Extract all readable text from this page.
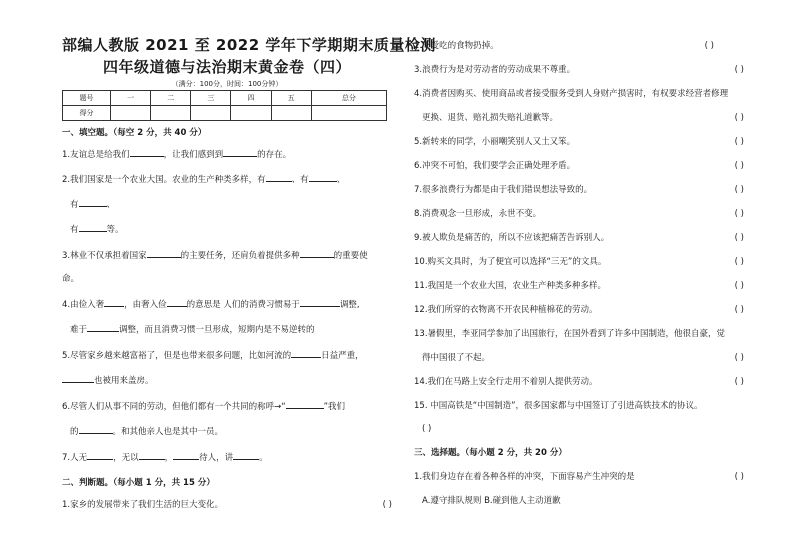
部编人教版 2021 至 2022 学年下学期期末质量检测
四年级道德与法治期末黄金卷（四）
（满分：100分，时间：100分钟）
题号	一	二	三	四	五	总分
得分						
一、填空题。（每空 2 分，共 40 分）
1.友谊总是给我们	，让我们感到到	的存在。
2.我们国家是一个农业大国。农业的生产种类多样，有	、有	、
有	、
有	等。
3.林业不仅承担着国家	的主要任务，还肩负着提供多种	的重要使
命。
4.由俭入奢 ，由奢入俭 的意思是 人们的消费习惯易于	调整,
难于	调整，而且消费习惯一旦形成，短期内是不易逆转的
5.尽管家乡越来越富裕了，但是也带来很多问题，比如河流的	日益严重，
也被用来盖房。
6.尽管人们从事不同的劳动，但他们都有一个共同的称呼→“	”我们
的	。和其他亲人也是其中一员。
7.人无	，无以	，	待人，讲	。
二、判断题。（每小题 1 分，共 15 分）
1.家乡的发展带来了我们生活的巨大变化。	( )
2.不爱吃的食物扔掉。	( )
3.浪费行为是对劳动者的劳动成果不尊重。	( )
4.消费者因购买、使用商品或者接受服务受到人身财产损害时，有权要求经营者修理
更换、退货、赔礼损失赔礼道歉等。	( )
5.新转来的同学，小丽嘲笑别人又土又笨。	( )
6.冲突不可怕，我们要学会正确处理矛盾。	( )
7.很多浪费行为都是由于我们错误想法导致的。	( )
8.消费观念一旦形成，永世不变。	( )
9.被人欺负是痛苦的，所以不应该把痛苦告诉别人。	( )
10.购买文具时，为了便宜可以选择“三无”的文具。	( )
11.我国是一个农业大国，农业生产种类多种多样。	( )
12.我们所穿的衣物离不开农民种植棉花的劳动。	( )
13.暑假里，李亚同学参加了出国旅行，在国外看到了许多中国制造，他很自豪，觉
得中国很了不起。	( )
14.我们在马路上安全行走用不着别人提供劳动。	( )
15. 中国高铁是“中国制造”，很多国家都与中国签订了引进高铁技术的协议。
( )
三、选择题。（每小题 2 分，共 20 分）
1.我们身边存在着各种各样的冲突，下面容易产生冲突的是	( )
A.遵守排队规则 B.碰到他人主动道歉
